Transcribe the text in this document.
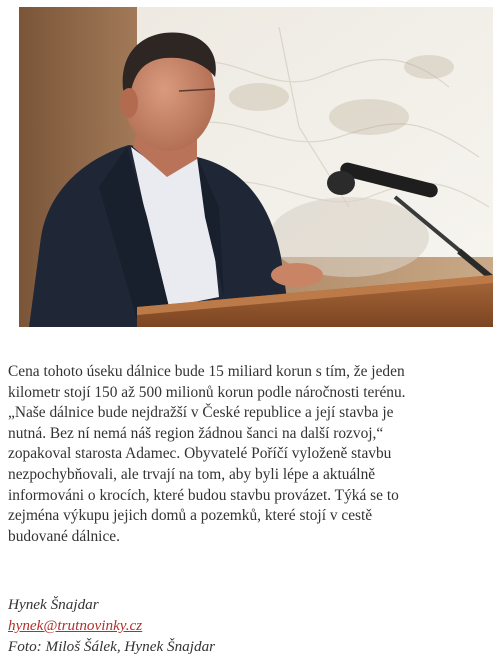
Cena tohoto úseku dálnice bude 15 miliard korun s tím, že jeden
kilometr stojí 150 až 500 milionů korun podle náročnosti terénu.
„Naše dálnice bude nejdražší v České republice a její stavba je
nutná. Bez ní nemá náš region žádnou šanci na další rozvoj,“
zopakoval starosta Adamec. Obyvatelé Poříčí vyloženě stavbu
nezpochybňovali, ale trvají na tom, aby byli lépe a aktuálně
informováni o krocích, které budou stavbu provázet. Týká se to
zejména výkupu jejich domů a pozemků, které stojí v cestě
budované dálnice.

Hynek Šnajdar
hynek@trutnovinky.cz
Foto: Miloš Šálek, Hynek Šnajdar
